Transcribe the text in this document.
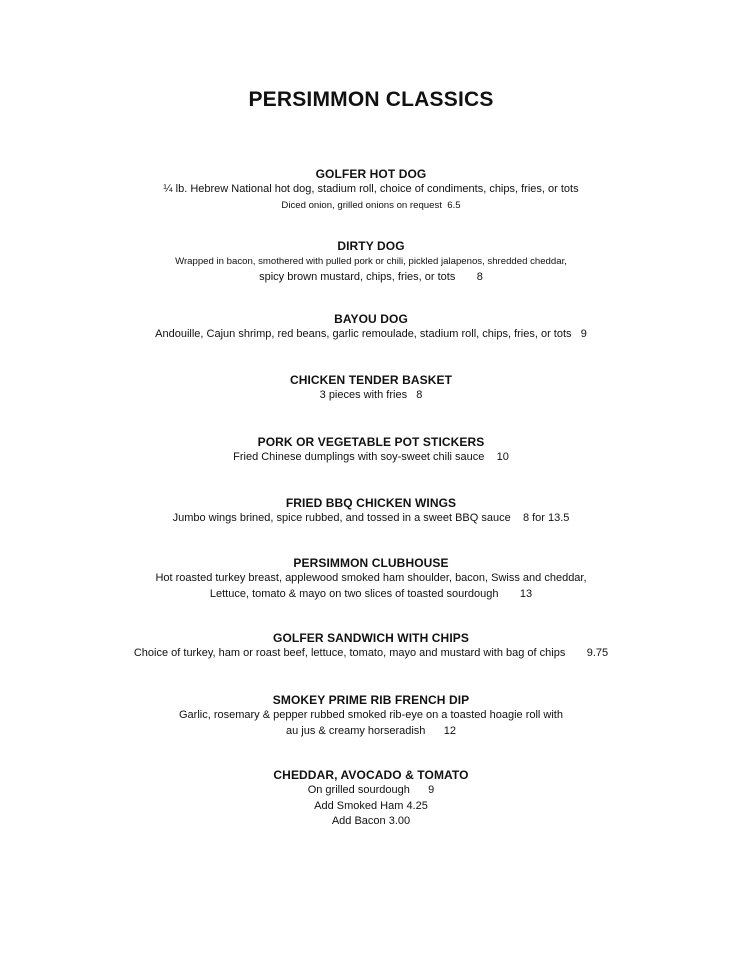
PERSIMMON CLASSICS

GOLFER HOT DOG

¼ lb. Hebrew National hot dog, stadium roll, choice of condiments, chips, fries, or tots

Diced onion, grilled onions on request  6.5

DIRTY DOG

Wrapped in bacon, smothered with pulled pork or chili, pickled jalapenos, shredded cheddar,

spicy brown mustard, chips, fries, or tots       8

BAYOU DOG

Andouille, Cajun shrimp, red beans, garlic remoulade, stadium roll, chips, fries, or tots   9

CHICKEN TENDER BASKET

3 pieces with fries   8

PORK OR VEGETABLE POT STICKERS

Fried Chinese dumplings with soy-sweet chili sauce    10

FRIED BBQ CHICKEN WINGS

Jumbo wings brined, spice rubbed, and tossed in a sweet BBQ sauce    8 for 13.5

PERSIMMON CLUBHOUSE

Hot roasted turkey breast, applewood smoked ham shoulder, bacon, Swiss and cheddar,

Lettuce, tomato & mayo on two slices of toasted sourdough       13

GOLFER SANDWICH WITH CHIPS

Choice of turkey, ham or roast beef, lettuce, tomato, mayo and mustard with bag of chips       9.75

SMOKEY PRIME RIB FRENCH DIP

Garlic, rosemary & pepper rubbed smoked rib-eye on a toasted hoagie roll with

au jus & creamy horseradish      12

CHEDDAR, AVOCADO & TOMATO

On grilled sourdough      9

Add Smoked Ham 4.25

Add Bacon 3.00
